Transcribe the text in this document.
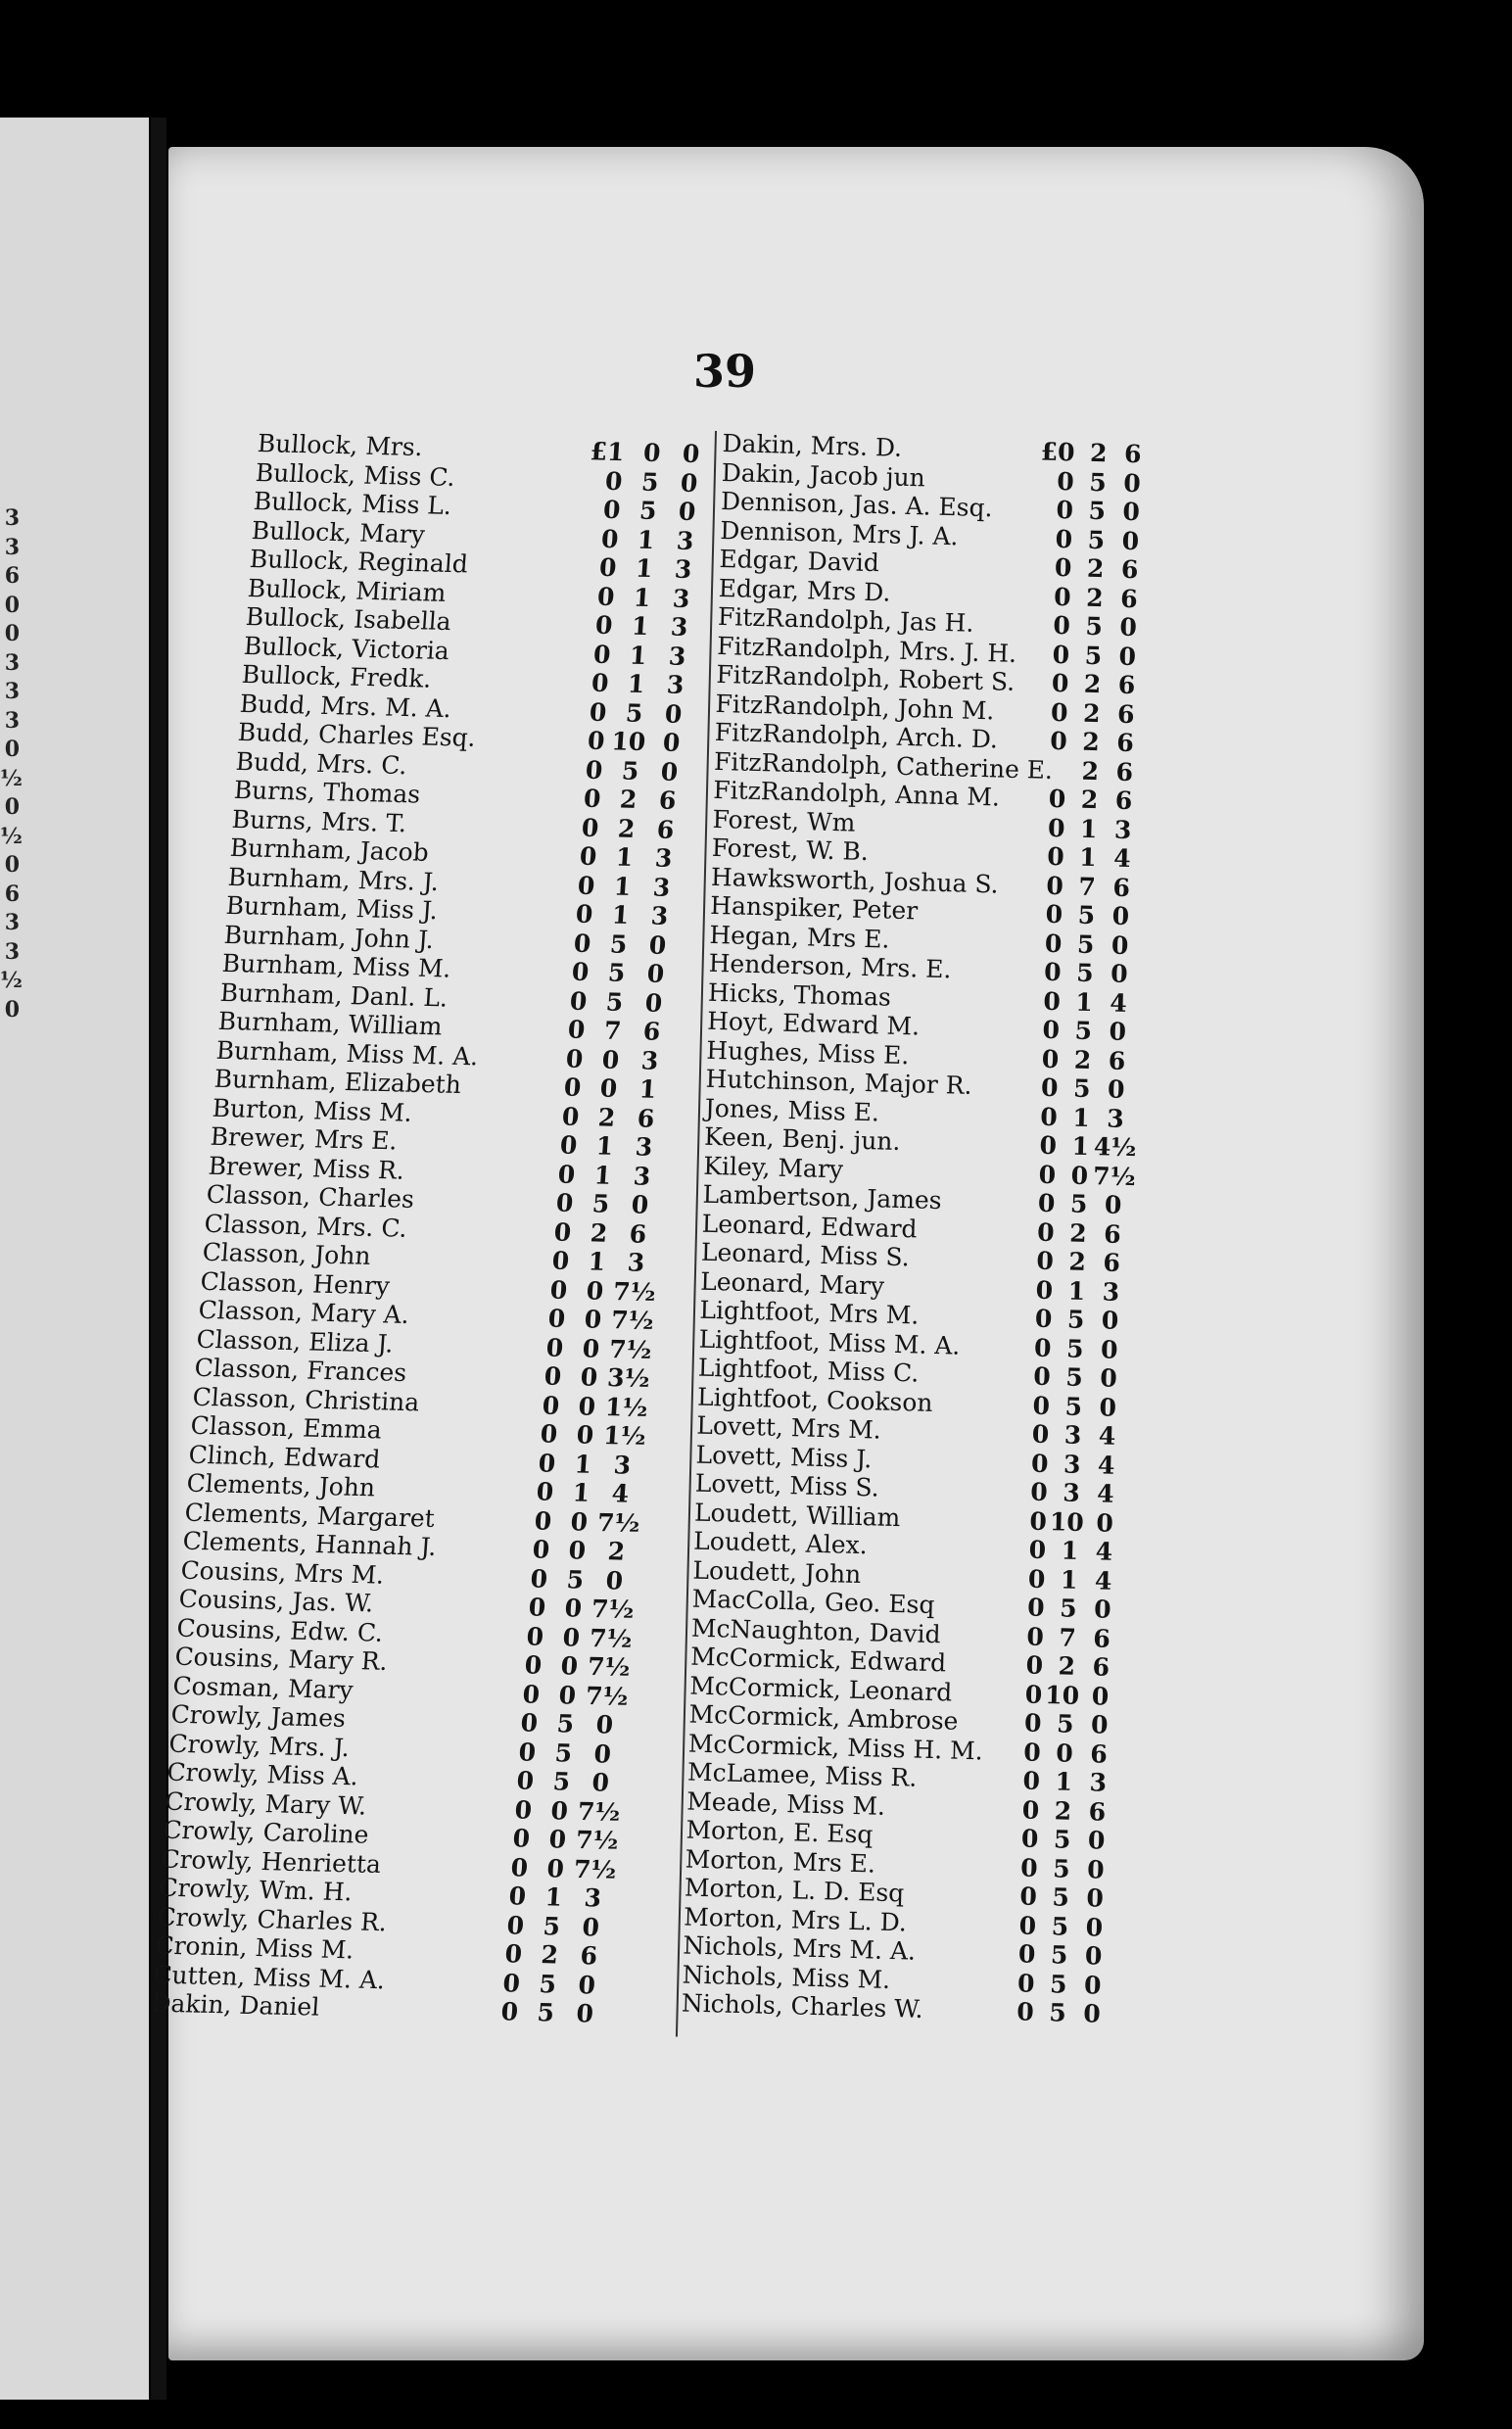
3
3
6
0
0
3
3
3
0
½
0
½
0
6
3
3
½
0
39
Bullock, Mrs.	£1 0 0
Bullock, Miss C.	0 5 0
Bullock, Miss L.	0 5 0
Bullock, Mary	0 1 3
Bullock, Reginald	0 1 3
Bullock, Miriam	0 1 3
Bullock, Isabella	0 1 3
Bullock, Victoria	0 1 3
Bullock, Fredk.	0 1 3
Budd, Mrs. M. A.	0 5 0
Budd, Charles Esq.	0 10 0
Budd, Mrs. C.	0 5 0
Burns, Thomas	0 2 6
Burns, Mrs. T.	0 2 6
Burnham, Jacob	0 1 3
Burnham, Mrs. J.	0 1 3
Burnham, Miss J.	0 1 3
Burnham, John J.	0 5 0
Burnham, Miss M.	0 5 0
Burnham, Danl. L.	0 5 0
Burnham, William	0 7 6
Burnham, Miss M. A.	0 0 3
Burnham, Elizabeth	0 0 1
Burton, Miss M.	0 2 6
Brewer, Mrs E.	0 1 3
Brewer, Miss R.	0 1 3
Classon, Charles	0 5 0
Classon, Mrs. C.	0 2 6
Classon, John	0 1 3
Classon, Henry	0 0 7½
Classon, Mary A.	0 0 7½
Classon, Eliza J.	0 0 7½
Classon, Frances	0 0 3½
Classon, Christina	0 0 1½
Classon, Emma	0 0 1½
Clinch, Edward	0 1 3
Clements, John	0 1 4
Clements, Margaret	0 0 7½
Clements, Hannah J.	0 0 2
Cousins, Mrs M.	0 5 0
Cousins, Jas. W.	0 0 7½
Cousins, Edw. C.	0 0 7½
Cousins, Mary R.	0 0 7½
Cosman, Mary	0 0 7½
Crowly, James	0 5 0
Crowly, Mrs. J.	0 5 0
Crowly, Miss A.	0 5 0
Crowly, Mary W.	0 0 7½
Crowly, Caroline	0 0 7½
Crowly, Henrietta	0 0 7½
Crowly, Wm. H.	0 1 3
Crowly, Charles R.	0 5 0
Cronin, Miss M.	0 2 6
Cutten, Miss M. A.	0 5 0
Dakin, Daniel	0 5 0
Dakin, Mrs. D.	£0 2 6
Dakin, Jacob jun	0 5 0
Dennison, Jas. A. Esq.	0 5 0
Dennison, Mrs J. A.	0 5 0
Edgar, David	0 2 6
Edgar, Mrs D.	0 2 6
FitzRandolph, Jas H.	0 5 0
FitzRandolph, Mrs. J. H.	0 5 0
FitzRandolph, Robert S.	0 2 6
FitzRandolph, John M.	0 2 6
FitzRandolph, Arch. D.	0 2 6
FitzRandolph, Catherine E.	2 6
FitzRandolph, Anna M.	0 2 6
Forest, Wm	0 1 3
Forest, W. B.	0 1 4
Hawksworth, Joshua S.	0 7 6
Hanspiker, Peter	0 5 0
Hegan, Mrs E.	0 5 0
Henderson, Mrs. E.	0 5 0
Hicks, Thomas	0 1 4
Hoyt, Edward M.	0 5 0
Hughes, Miss E.	0 2 6
Hutchinson, Major R.	0 5 0
Jones, Miss E.	0 1 3
Keen, Benj. jun.	0 1 4½
Kiley, Mary	0 0 7½
Lambertson, James	0 5 0
Leonard, Edward	0 2 6
Leonard, Miss S.	0 2 6
Leonard, Mary	0 1 3
Lightfoot, Mrs M.	0 5 0
Lightfoot, Miss M. A.	0 5 0
Lightfoot, Miss C.	0 5 0
Lightfoot, Cookson	0 5 0
Lovett, Mrs M.	0 3 4
Lovett, Miss J.	0 3 4
Lovett, Miss S.	0 3 4
Loudett, William	0 10 0
Loudett, Alex.	0 1 4
Loudett, John	0 1 4
MacColla, Geo. Esq	0 5 0
McNaughton, David	0 7 6
McCormick, Edward	0 2 6
McCormick, Leonard	0 10 0
McCormick, Ambrose	0 5 0
McCormick, Miss H. M.	0 0 6
McLamee, Miss R.	0 1 3
Meade, Miss M.	0 2 6
Morton, E. Esq	0 5 0
Morton, Mrs E.	0 5 0
Morton, L. D. Esq	0 5 0
Morton, Mrs L. D.	0 5 0
Nichols, Mrs M. A.	0 5 0
Nichols, Miss M.	0 5 0
Nichols, Charles W.	0 5 0
